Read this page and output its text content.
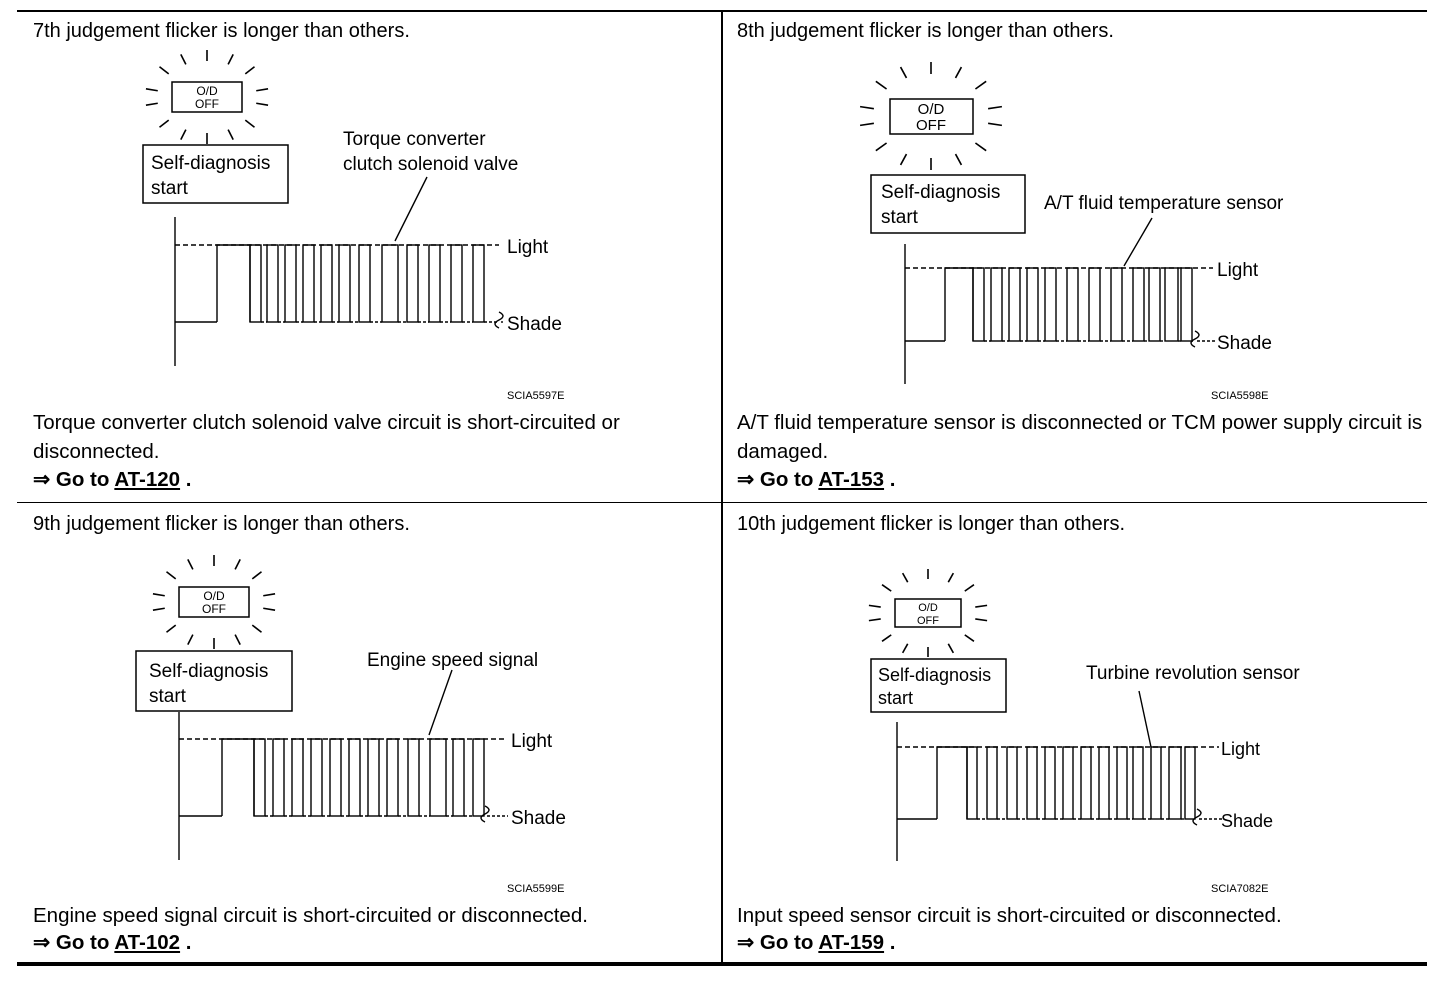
7th judgement flicker is longer than others.
O/D
OFF
Self-diagnosis
start
Torque converter
clutch solenoid valve
Light
Shade
SCIA5597E
Torque converter clutch solenoid valve circuit is short-circuited or disconnected.
⇒ Go to AT-120 .
8th judgement flicker is longer than others.
O/D
OFF
Self-diagnosis
start
A/T fluid temperature sensor
Light
Shade
SCIA5598E
A/T fluid temperature sensor is disconnected or TCM power supply circuit is damaged.
⇒ Go to AT-153 .
9th judgement flicker is longer than others.
O/D
OFF
Self-diagnosis
start
Engine speed signal
Light
Shade
SCIA5599E
Engine speed signal circuit is short-circuited or disconnected.
⇒ Go to AT-102 .
10th judgement flicker is longer than others.
O/D
OFF
Self-diagnosis
start
Turbine revolution sensor
Light
Shade
SCIA7082E
Input speed sensor circuit is short-circuited or disconnected.
⇒ Go to AT-159 .
